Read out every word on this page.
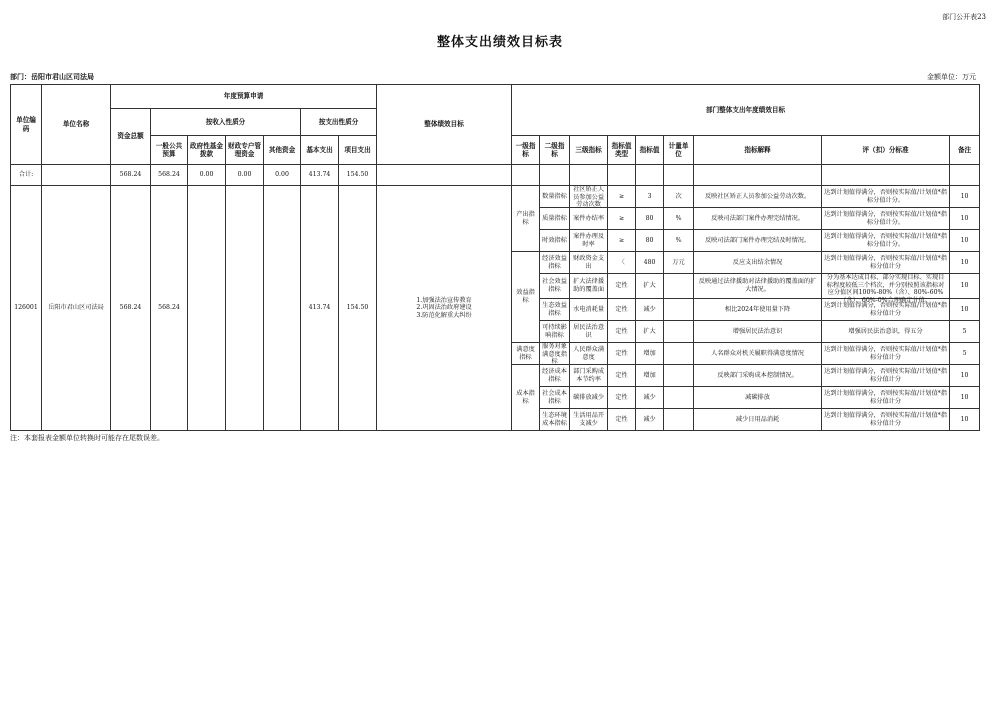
部门公开表23
整体支出绩效目标表
部门：岳阳市君山区司法局	金额单位：万元
单位编码	单位名称	年度预算申请							整体绩效目标	部门整体支出年度绩效目标								
		资金总额	按收入性质分				按支出性质分											
			一般公共预算	政府性基金拨款	财政专户管理资金	其他资金	基本支出	项目支出		一级指标	二级指标	三级指标	指标值类型	指标值	计量单位	指标解释	评（扣）分标准	备注
合计:		568.24	568.24	0.00	0.00	0.00	413.74	154.50										
126001	岳阳市君山区司法局	568.24	568.24				413.74	154.50	1.加强法治宣传教育
2.巩固法治政府建设
3.防范化解重大纠纷	产出指标	数量指标	社区矫正人员参加公益劳动次数	≥	3	次	反映社区矫正人员参加公益劳动次数。	达到计划值得满分，否则按实际值/计划值*指标分值计分。	10

											质量指标	案件办结率	≥	80	%	反映司法部门案件办理完结情况。	达到计划值得满分，否则按实际值/计划值*指标分值计分。	10

											时效指标	案件办理及时率	≥	80	%	反映司法部门案件办理完结及时情况。	达到计划值得满分，否则按实际值/计划值*指标分值计分。	10

										效益指标	经济效益指标	财政资金支出	〈	480	万元	反应支出结余情况	达到计划值得满分，否则按实际值/计划值*指标分值计分	10

											社会效益指标	扩大法律援助的覆盖面	定性	扩大		反映通过法律援助对法律援助的覆盖面的扩大情况。	分为基本达成目标、部分实现目标、实现目标程度较低三个档次，并分别按照该指标对应分值区间100%-80%（含）、80%-60%（含）、60%-0%合理确定分值。	10

											生态效益指标	水电消耗量	定性	减少		相比2024年使用量下降	达到计划值得满分，否则按实际值/计划值*指标分值计分	10

											可持续影响指标	居民法治意识	定性	扩大		增强居民法治意识	增强居民法治意识，得五分	5

										满意度指标	服务对象满意度指标	人民群众满意度	定性	增加		人名群众对机关履职得满意度情况	达到计划值得满分，否则按实际值/计划值*指标分值计分	5

										成本指标	经济成本指标	部门采购成本节约率	定性	增加		反映部门采购成本控制情况。	达到计划值得满分，否则按实际值/计划值*指标分值计分	10

											社会成本指标	碳排放减少	定性	减少		减碳排放	达到计划值得满分，否则按实际值/计划值*指标分值计分	10

											生态环境成本指标	生活用品开支减少	定性	减少		减少日用品消耗	达到计划值得满分，否则按实际值/计划值*指标分值计分	10
注：本套报表金额单位转换时可能存在尾数误差。
